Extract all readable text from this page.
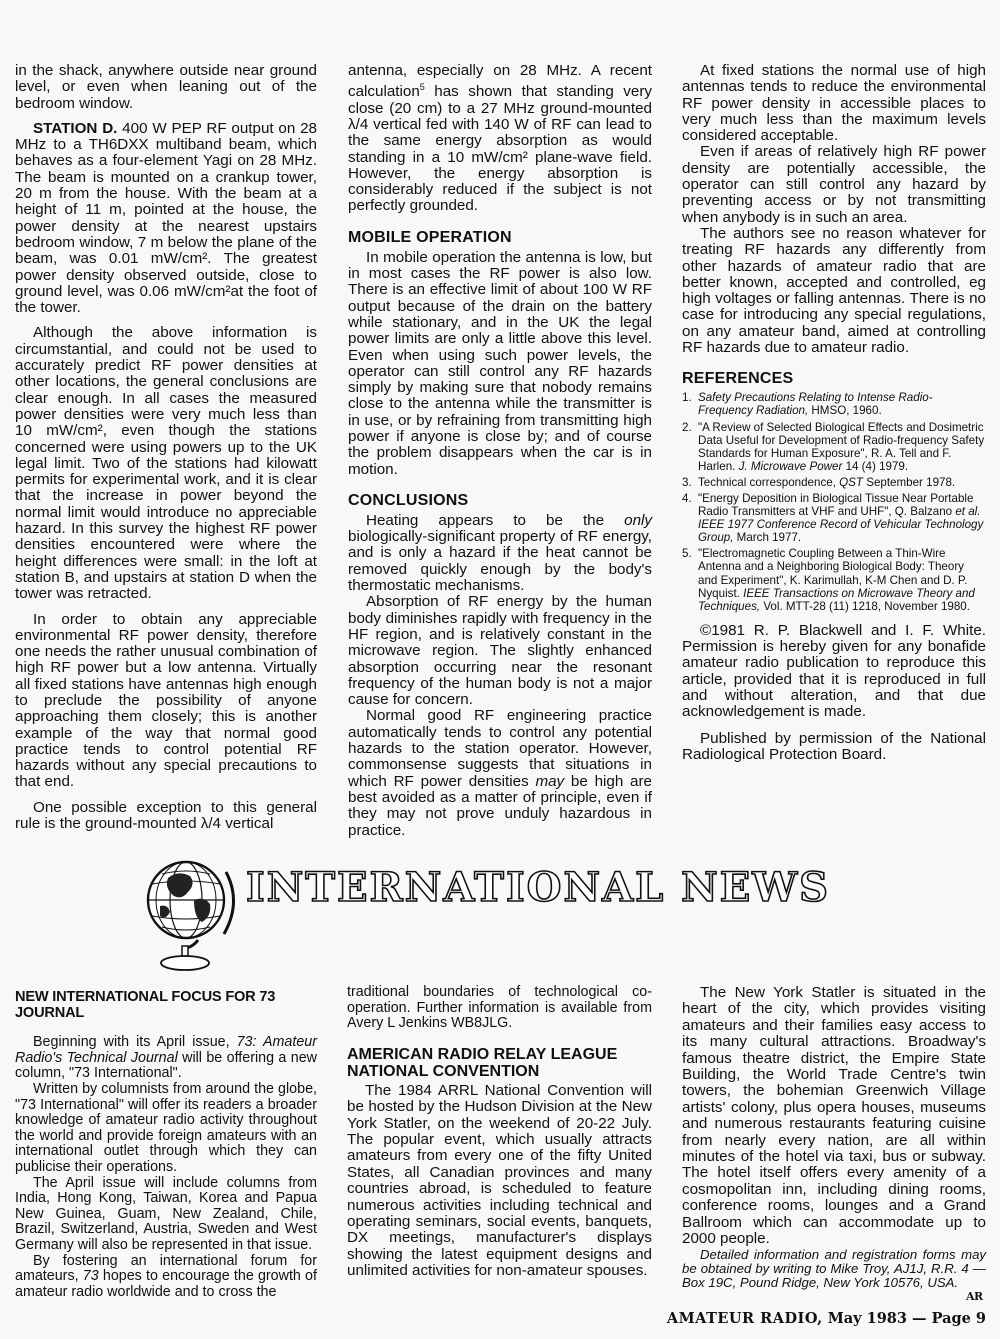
in the shack, anywhere outside near ground level, or even when leaning out of the bedroom window.

STATION D. 400 W PEP RF output on 28 MHz to a TH6DXX multiband beam, which behaves as a four-element Yagi on 28 MHz. The beam is mounted on a crankup tower, 20 m from the house. With the beam at a height of 11 m, pointed at the house, the power density at the nearest upstairs bedroom window, 7 m below the plane of the beam, was 0.01 mW/cm². The greatest power density observed outside, close to ground level, was 0.06 mW/cm²at the foot of the tower.

Although the above information is circumstantial, and could not be used to accurately predict RF power densities at other locations, the general conclusions are clear enough. In all cases the measured power densities were very much less than 10 mW/cm², even though the stations concerned were using powers up to the UK legal limit. Two of the stations had kilowatt permits for experimental work, and it is clear that the increase in power beyond the normal limit would introduce no appreciable hazard. In this survey the highest RF power densities encountered were where the height differences were small: in the loft at station B, and upstairs at station D when the tower was retracted.

In order to obtain any appreciable environmental RF power density, therefore one needs the rather unusual combination of high RF power but a low antenna. Virtually all fixed stations have antennas high enough to preclude the possibility of anyone approaching them closely; this is another example of the way that normal good practice tends to control potential RF hazards without any special precautions to that end.

One possible exception to this general rule is the ground-mounted λ/4 vertical

antenna, especially on 28 MHz. A recent calculation$^5$ has shown that standing very close (20 cm) to a 27 MHz ground-mounted λ/4 vertical fed with 140 W of RF can lead to the same energy absorption as would standing in a 10 mW/cm² plane-wave field. However, the energy absorption is considerably reduced if the subject is not perfectly grounded.

MOBILE OPERATION

In mobile operation the antenna is low, but in most cases the RF power is also low. There is an effective limit of about 100 W RF output because of the drain on the battery while stationary, and in the UK the legal power limits are only a little above this level. Even when using such power levels, the operator can still control any RF hazards simply by making sure that nobody remains close to the antenna while the transmitter is in use, or by refraining from transmitting high power if anyone is close by; and of course the problem disappears when the car is in motion.

CONCLUSIONS

Heating appears to be the only biologically-significant property of RF energy, and is only a hazard if the heat cannot be removed quickly enough by the body's thermostatic mechanisms.

Absorption of RF energy by the human body diminishes rapidly with frequency in the HF region, and is relatively constant in the microwave region. The slightly enhanced absorption occurring near the resonant frequency of the human body is not a major cause for concern.

Normal good RF engineering practice automatically tends to control any potential hazards to the station operator. However, commonsense suggests that situations in which RF power densities may be high are best avoided as a matter of principle, even if they may not prove unduly hazardous in practice.

At fixed stations the normal use of high antennas tends to reduce the environmental RF power density in accessible places to very much less than the maximum levels considered acceptable.

Even if areas of relatively high RF power density are potentially accessible, the operator can still control any hazard by preventing access or by not transmitting when anybody is in such an area.

The authors see no reason whatever for treating RF hazards any differently from other hazards of amateur radio that are better known, accepted and controlled, eg high voltages or falling antennas. There is no case for introducing any special regulations, on any amateur band, aimed at controlling RF hazards due to amateur radio.

REFERENCES
1. Safety Precautions Relating to Intense Radio-Frequency Radiation, HMSO, 1960.
2. "A Review of Selected Biological Effects and Dosimetric Data Useful for Development of Radio-frequency Safety Standards for Human Exposure", R. A. Tell and F. Harlen. J. Microwave Power 14 (4) 1979.
3. Technical correspondence, QST September 1978.
4. "Energy Deposition in Biological Tissue Near Portable Radio Transmitters at VHF and UHF", Q. Balzano et al. IEEE 1977 Conference Record of Vehicular Technology Group, March 1977.
5. "Electromagnetic Coupling Between a Thin-Wire Antenna and a Neighboring Biological Body: Theory and Experiment", K. Karimullah, K-M Chen and D. P. Nyquist. IEEE Transactions on Microwave Theory and Techniques, Vol. MTT-28 (11) 1218, November 1980.

©1981 R. P. Blackwell and I. F. White. Permission is hereby given for any bonafide amateur radio publication to reproduce this article, provided that it is reproduced in full and without alteration, and that due acknowledgement is made.

Published by permission of the National Radiological Protection Board.

INTERNATIONAL NEWS

NEW INTERNATIONAL FOCUS FOR 73 JOURNAL

Beginning with its April issue, 73: Amateur Radio's Technical Journal will be offering a new column, "73 International".

Written by columnists from around the globe, "73 International" will offer its readers a broader knowledge of amateur radio activity throughout the world and provide foreign amateurs with an international outlet through which they can publicise their operations.

The April issue will include columns from India, Hong Kong, Taiwan, Korea and Papua New Guinea, Guam, New Zealand, Chile, Brazil, Switzerland, Austria, Sweden and West Germany will also be represented in that issue.

By fostering an international forum for amateurs, 73 hopes to encourage the growth of amateur radio worldwide and to cross the

traditional boundaries of technological co-operation. Further information is available from Avery L Jenkins WB8JLG.

AMERICAN RADIO RELAY LEAGUE NATIONAL CONVENTION

The 1984 ARRL National Convention will be hosted by the Hudson Division at the New York Statler, on the weekend of 20-22 July. The popular event, which usually attracts amateurs from every one of the fifty United States, all Canadian provinces and many countries abroad, is scheduled to feature numerous activities including technical and operating seminars, social events, banquets, DX meetings, manufacturer's displays showing the latest equipment designs and unlimited activities for non-amateur spouses.

The New York Statler is situated in the heart of the city, which provides visiting amateurs and their families easy access to its many cultural attractions. Broadway's famous theatre district, the Empire State Building, the World Trade Centre's twin towers, the bohemian Greenwich Village artists' colony, plus opera houses, museums and numerous restaurants featuring cuisine from nearly every nation, are all within minutes of the hotel via taxi, bus or subway. The hotel itself offers every amenity of a cosmopolitan inn, including dining rooms, conference rooms, lounges and a Grand Ballroom which can accommodate up to 2000 people.

Detailed information and registration forms may be obtained by writing to Mike Troy, AJ1J, R.R. 4 — Box 19C, Pound Ridge, New York 10576, USA.

AR
AMATEUR RADIO, May 1983 — Page 9
